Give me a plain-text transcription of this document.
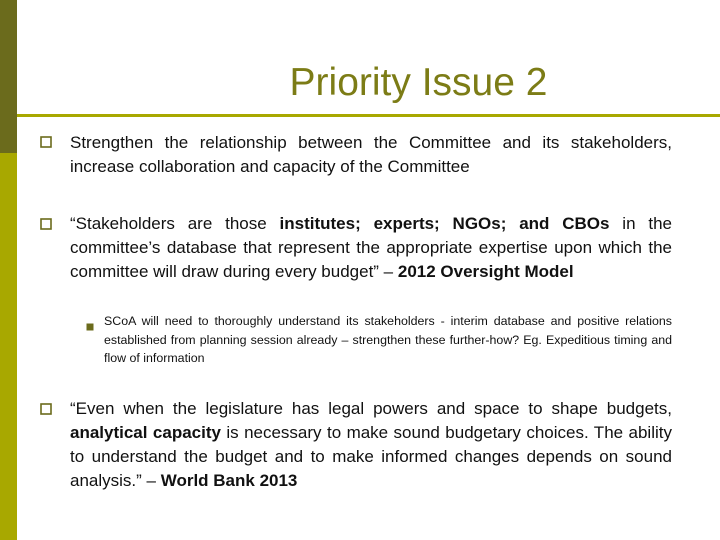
Priority Issue 2
Strengthen the relationship between the Committee and its stakeholders, increase collaboration and capacity of the Committee
“Stakeholders are those institutes; experts; NGOs; and CBOs in the committee’s database that represent the appropriate expertise upon which the committee will draw during every budget” – 2012 Oversight Model
SCoA will need to thoroughly understand its stakeholders - interim database and positive relations established from planning session already – strengthen these further-how? Eg. Expeditious timing and flow of information
“Even when the legislature has legal powers and space to shape budgets, analytical capacity is necessary to make sound budgetary choices. The ability to understand the budget and to make informed changes depends on sound analysis.” – World Bank 2013
